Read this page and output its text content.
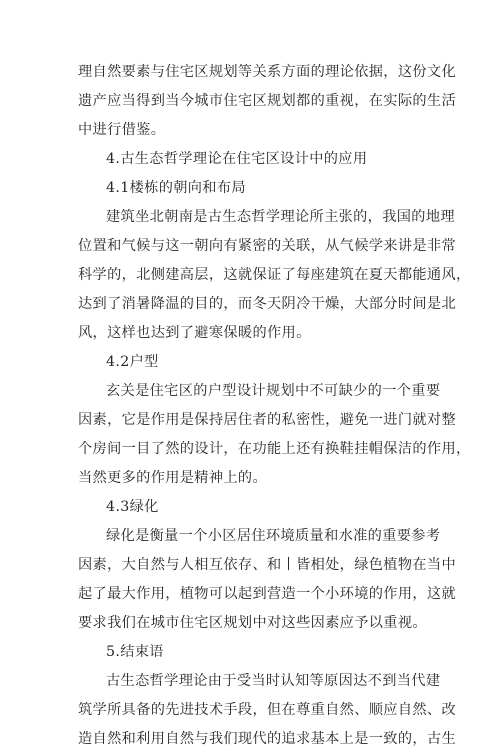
理自然要素与住宅区规划等关系方面的理论依据，这份文化
遗产应当得到当今城市住宅区规划都的重视，在实际的生活
中进行借鉴。
4.古生态哲学理论在住宅区设计中的应用
4.1楼栋的朝向和布局
建筑坐北朝南是古生态哲学理论所主张的，我国的地理
位置和气候与这一朝向有紧密的关联，从气候学来讲是非常
科学的，北侧建高层，这就保证了每座建筑在夏天都能通风，
达到了消暑降温的目的，而冬天阴冷干燥，大部分时间是北
风，这样也达到了避寒保暖的作用。
4.2户型
玄关是住宅区的户型设计规划中不可缺少的一个重要
因素，它是作用是保持居住者的私密性，避免一进门就对整
个房间一目了然的设计，在功能上还有换鞋挂帽保洁的作用，
当然更多的作用是精神上的。
4.3绿化
绿化是衡量一个小区居住环境质量和水准的重要参考
因素，大自然与人相互依存、和丨皆相处，绿色植物在当中
起了最大作用，植物可以起到营造一个小环境的作用，这就
要求我们在城市住宅区规划中对这些因素应予以重视。
5.结束语
古生态哲学理论由于受当时认知等原因达不到当代建
筑学所具备的先进技术手段，但在尊重自然、顺应自然、改
造自然和利用自然与我们现代的追求基本上是一致的，古生
